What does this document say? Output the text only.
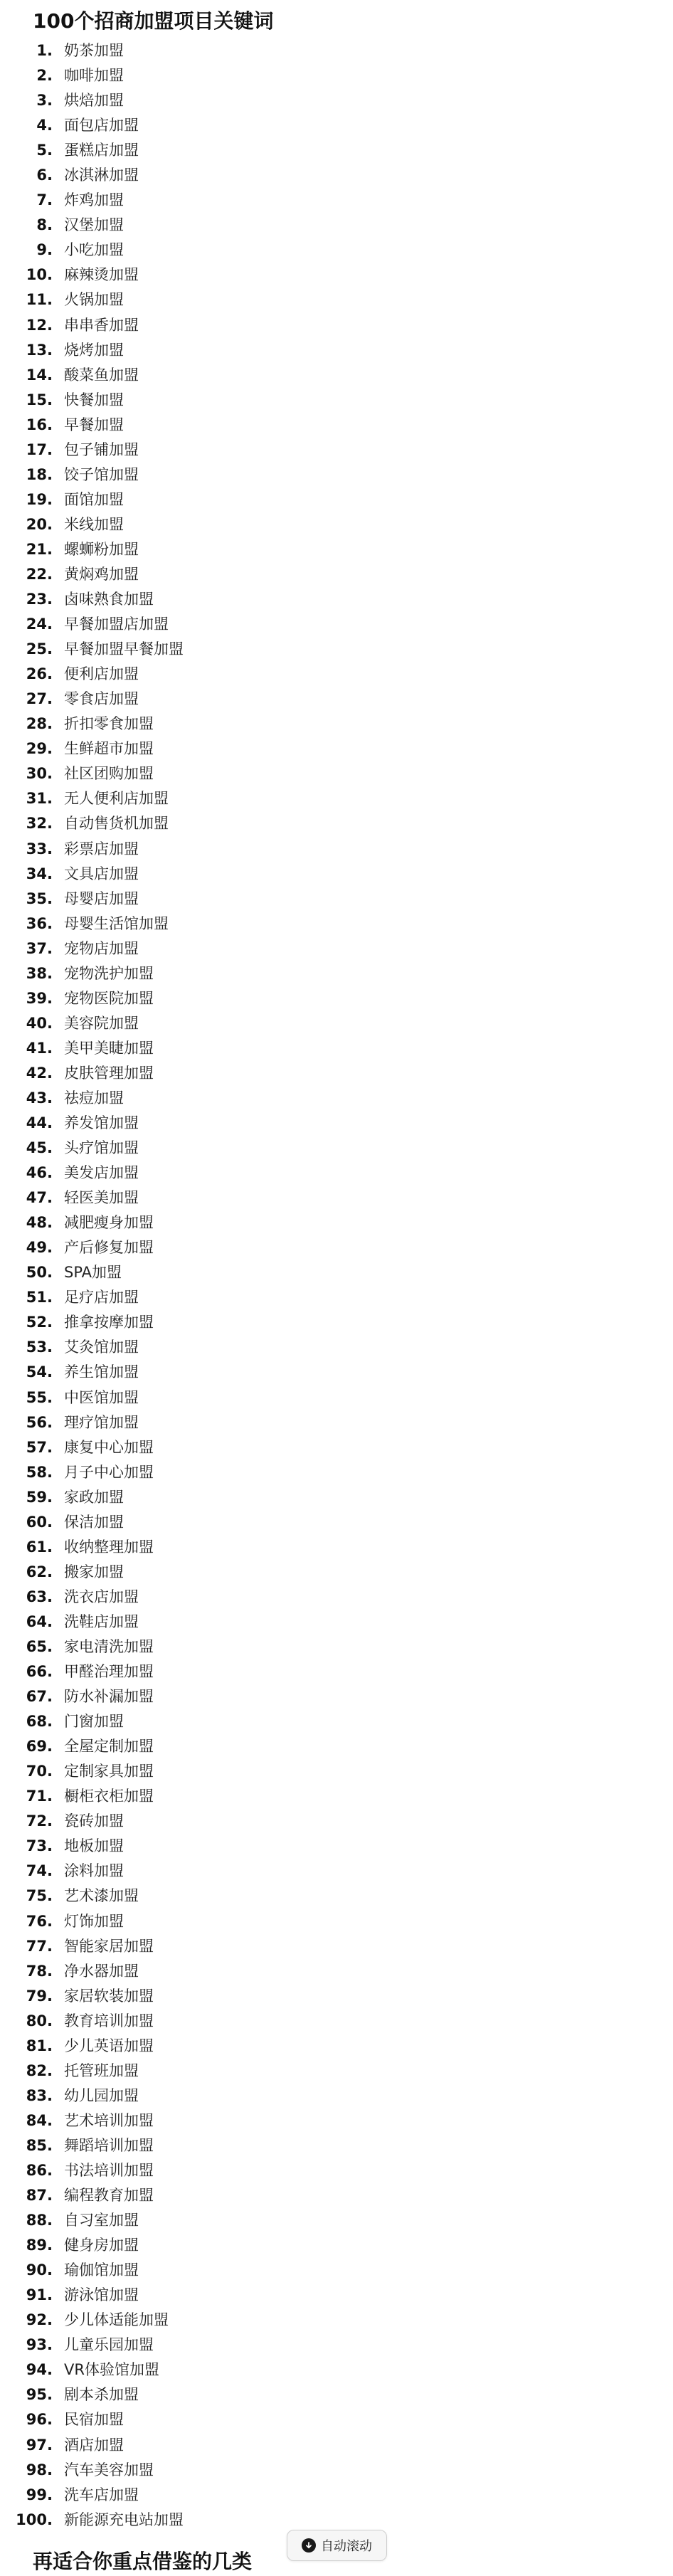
100个招商加盟项目关键词
1. 奶茶加盟
2. 咖啡加盟
3. 烘焙加盟
4. 面包店加盟
5. 蛋糕店加盟
6. 冰淇淋加盟
7. 炸鸡加盟
8. 汉堡加盟
9. 小吃加盟
10. 麻辣烫加盟
11. 火锅加盟
12. 串串香加盟
13. 烧烤加盟
14. 酸菜鱼加盟
15. 快餐加盟
16. 早餐加盟
17. 包子铺加盟
18. 饺子馆加盟
19. 面馆加盟
20. 米线加盟
21. 螺蛳粉加盟
22. 黄焖鸡加盟
23. 卤味熟食加盟
24. 早餐加盟店加盟
25. 早餐加盟早餐加盟
26. 便利店加盟
27. 零食店加盟
28. 折扣零食加盟
29. 生鲜超市加盟
30. 社区团购加盟
31. 无人便利店加盟
32. 自动售货机加盟
33. 彩票店加盟
34. 文具店加盟
35. 母婴店加盟
36. 母婴生活馆加盟
37. 宠物店加盟
38. 宠物洗护加盟
39. 宠物医院加盟
40. 美容院加盟
41. 美甲美睫加盟
42. 皮肤管理加盟
43. 祛痘加盟
44. 养发馆加盟
45. 头疗馆加盟
46. 美发店加盟
47. 轻医美加盟
48. 减肥瘦身加盟
49. 产后修复加盟
50. SPA加盟
51. 足疗店加盟
52. 推拿按摩加盟
53. 艾灸馆加盟
54. 养生馆加盟
55. 中医馆加盟
56. 理疗馆加盟
57. 康复中心加盟
58. 月子中心加盟
59. 家政加盟
60. 保洁加盟
61. 收纳整理加盟
62. 搬家加盟
63. 洗衣店加盟
64. 洗鞋店加盟
65. 家电清洗加盟
66. 甲醛治理加盟
67. 防水补漏加盟
68. 门窗加盟
69. 全屋定制加盟
70. 定制家具加盟
71. 橱柜衣柜加盟
72. 瓷砖加盟
73. 地板加盟
74. 涂料加盟
75. 艺术漆加盟
76. 灯饰加盟
77. 智能家居加盟
78. 净水器加盟
79. 家居软装加盟
80. 教育培训加盟
81. 少儿英语加盟
82. 托管班加盟
83. 幼儿园加盟
84. 艺术培训加盟
85. 舞蹈培训加盟
86. 书法培训加盟
87. 编程教育加盟
88. 自习室加盟
89. 健身房加盟
90. 瑜伽馆加盟
91. 游泳馆加盟
92. 少儿体适能加盟
93. 儿童乐园加盟
94. VR体验馆加盟
95. 剧本杀加盟
96. 民宿加盟
97. 酒店加盟
98. 汽车美容加盟
99. 洗车店加盟
100. 新能源充电站加盟
再适合你重点借鉴的几类
自动滚动
